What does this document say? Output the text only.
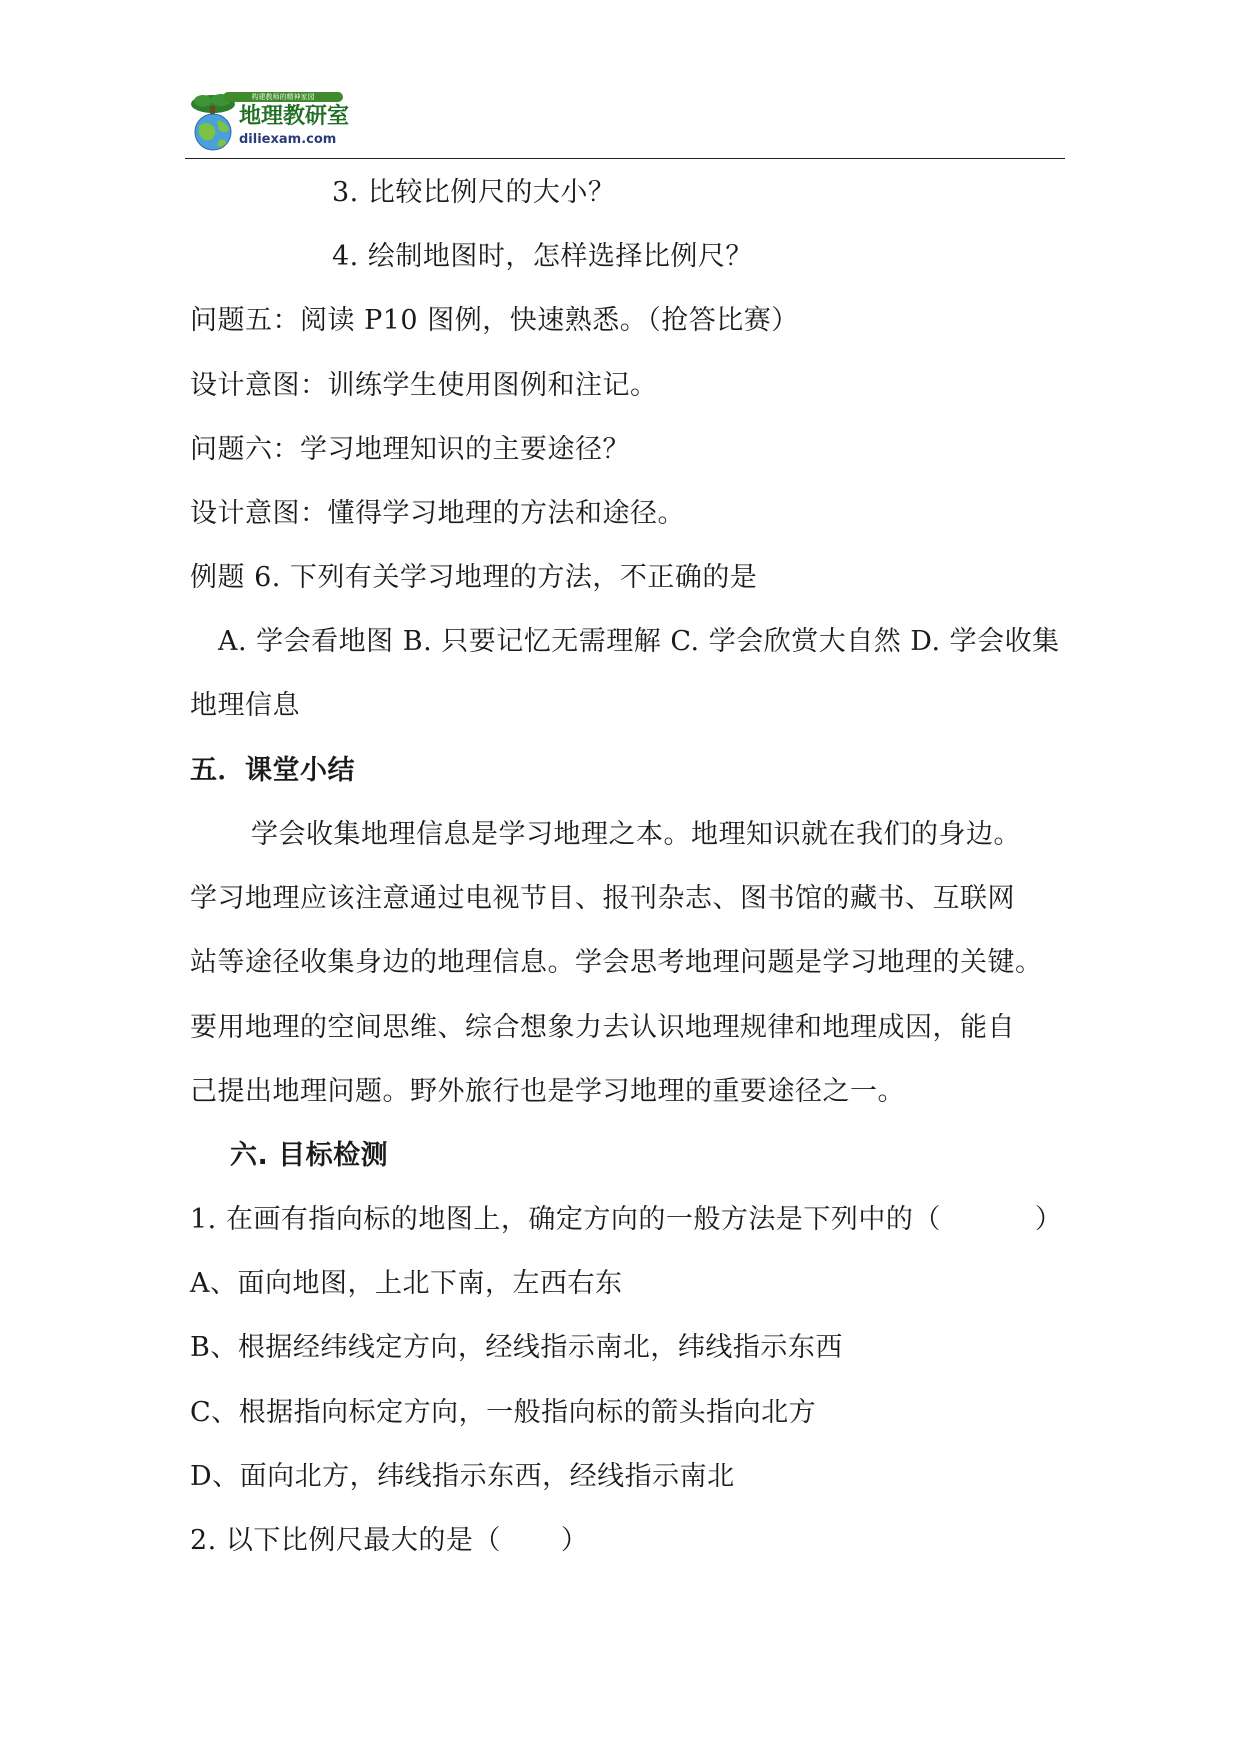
构建教师的精神家园
地理教研室
diliexam.com
3. 比较比例尺的大小？
4. 绘制地图时，怎样选择比例尺？
问题五：阅读 P10 图例，快速熟悉。（抢答比赛）
设计意图：训练学生使用图例和注记。
问题六：学习地理知识的主要途径？
设计意图：懂得学习地理的方法和途径。
例题 6. 下列有关学习地理的方法，不正确的是
A. 学会看地图 B. 只要记忆无需理解 C. 学会欣赏大自然 D. 学会收集
地理信息
五．课堂小结
学会收集地理信息是学习地理之本。地理知识就在我们的身边。
学习地理应该注意通过电视节目、报刊杂志、图书馆的藏书、互联网
站等途径收集身边的地理信息。学会思考地理问题是学习地理的关键。
要用地理的空间思维、综合想象力去认识地理规律和地理成因，能自
己提出地理问题。野外旅行也是学习地理的重要途径之一。
六. 目标检测
1. 在画有指向标的地图上，确定方向的一般方法是下列中的（	）
A、面向地图，上北下南，左西右东
B、根据经纬线定方向，经线指示南北，纬线指示东西
C、根据指向标定方向，一般指向标的箭头指向北方
D、面向北方，纬线指示东西，经线指示南北
2. 以下比例尺最大的是（ ）
